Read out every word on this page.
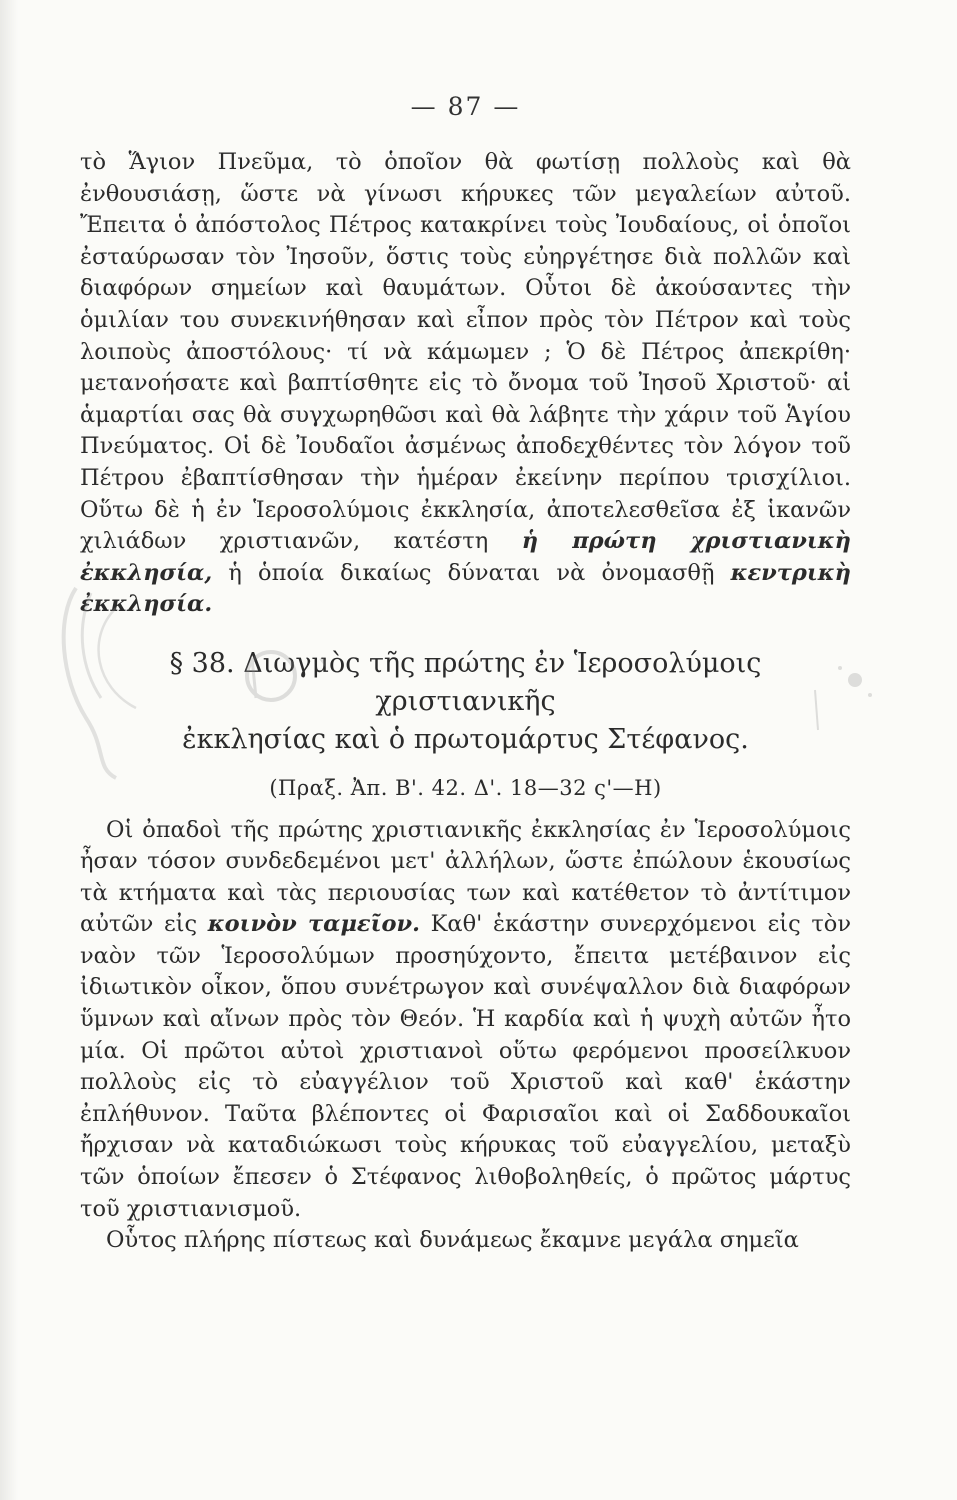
— 87 —

τὸ Ἅγιον Πνεῦμα, τὸ ὁποῖον θὰ φωτίσῃ πολλοὺς καὶ θὰ ἐνθουσιάσῃ, ὥστε νὰ γίνωσι κήρυκες τῶν μεγαλείων αὐτοῦ. Ἔπειτα ὁ ἀπόστολος Πέτρος κατακρίνει τοὺς Ἰουδαίους, οἱ ὁποῖοι ἐσταύρωσαν τὸν Ἰησοῦν, ὅστις τοὺς εὐηργέτησε διὰ πολλῶν καὶ διαφόρων σημείων καὶ θαυμάτων. Οὗτοι δὲ ἀκούσαντες τὴν ὁμιλίαν του συνεκινήθησαν καὶ εἶπον πρὸς τὸν Πέτρον καὶ τοὺς λοιποὺς ἀποστόλους· τί νὰ κάμωμεν ; Ὁ δὲ Πέτρος ἀπεκρίθη· μετανοήσατε καὶ βαπτίσθητε εἰς τὸ ὄνομα τοῦ Ἰησοῦ Χριστοῦ· αἱ ἁμαρτίαι σας θὰ συγχωρηθῶσι καὶ θὰ λάβητε τὴν χάριν τοῦ Ἁγίου Πνεύματος. Οἱ δὲ Ἰουδαῖοι ἀσμένως ἀποδεχθέντες τὸν λόγον τοῦ Πέτρου ἐβαπτίσθησαν τὴν ἡμέραν ἐκείνην περίπου τρισχίλιοι. Οὕτω δὲ ἡ ἐν Ἱεροσολύμοις ἐκκλησία, ἀποτελεσθεῖσα ἐξ ἱκανῶν χιλιάδων χριστιανῶν, κατέστη ἡ πρώτη χριστιανικὴ ἐκκλησία, ἡ ὁποία δικαίως δύναται νὰ ὀνομασθῇ κεντρικὴ ἐκκλησία.

§ 38. Διωγμὸς τῆς πρώτης ἐν Ἱεροσολύμοις χριστιανικῆς
ἐκκλησίας καὶ ὁ πρωτομάρτυς Στέφανος.
(Πραξ. Ἀπ. Β'. 42. Δ'. 18—32 ς'—Η)

Οἱ ὀπαδοὶ τῆς πρώτης χριστιανικῆς ἐκκλησίας ἐν Ἱεροσολύμοις ἦσαν τόσον συνδεδεμένοι μετ' ἀλλήλων, ὥστε ἐπώλουν ἑκουσίως τὰ κτήματα καὶ τὰς περιουσίας των καὶ κατέθετον τὸ ἀντίτιμον αὐτῶν εἰς κοινὸν ταμεῖον. Καθ' ἑκάστην συνερχόμενοι εἰς τὸν ναὸν τῶν Ἱεροσολύμων προσηύχοντο, ἔπειτα μετέβαινον εἰς ἰδιωτικὸν οἶκον, ὅπου συνέτρωγον καὶ συνέψαλλον διὰ διαφόρων ὕμνων καὶ αἴνων πρὸς τὸν Θεόν. Ἡ καρδία καὶ ἡ ψυχὴ αὐτῶν ἦτο μία. Οἱ πρῶτοι αὐτοὶ χριστιανοὶ οὕτω φερόμενοι προσείλκυον πολλοὺς εἰς τὸ εὐαγγέλιον τοῦ Χριστοῦ καὶ καθ' ἑκάστην ἐπλήθυνον. Ταῦτα βλέποντες οἱ Φαρισαῖοι καὶ οἱ Σαδδουκαῖοι ἤρχισαν νὰ καταδιώκωσι τοὺς κήρυκας τοῦ εὐαγγελίου, μεταξὺ τῶν ὁποίων ἔπεσεν ὁ Στέφανος λιθοβοληθείς, ὁ πρῶτος μάρτυς τοῦ χριστιανισμοῦ.

Οὗτος πλήρης πίστεως καὶ δυνάμεως ἔκαμνε μεγάλα σημεῖα
